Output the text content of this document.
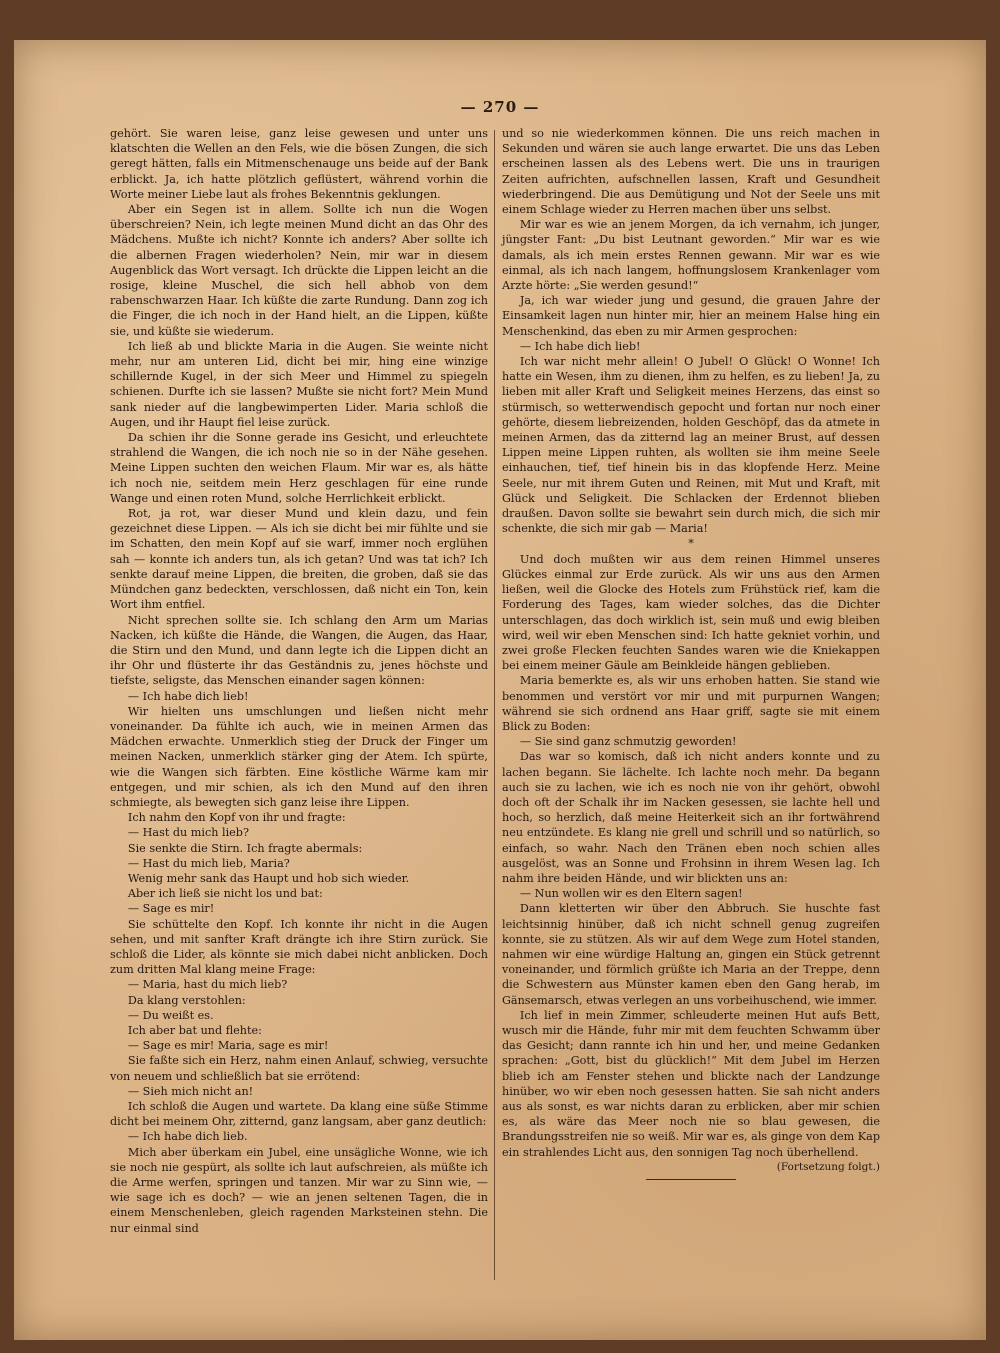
— 270 —

gehört. Sie waren leise, ganz leise gewesen und unter uns klatschten die Wellen an den Fels, wie die bösen Zungen, die sich geregt hätten, falls ein Mitmenschenauge uns beide auf der Bank erblickt. Ja, ich hatte plötzlich geflüstert, während vorhin die Worte meiner Liebe laut als frohes Bekenntnis geklungen.

Aber ein Segen ist in allem. Sollte ich nun die Wogen überschreien? Nein, ich legte meinen Mund dicht an das Ohr des Mädchens. Mußte ich nicht? Konnte ich anders? Aber sollte ich die albernen Fragen wiederholen? Nein, mir war in diesem Augenblick das Wort versagt. Ich drückte die Lippen leicht an die rosige, kleine Muschel, die sich hell abhob von dem rabenschwarzen Haar. Ich küßte die zarte Rundung. Dann zog ich die Finger, die ich noch in der Hand hielt, an die Lippen, küßte sie, und küßte sie wiederum.

Ich ließ ab und blickte Maria in die Augen. Sie weinte nicht mehr, nur am unteren Lid, dicht bei mir, hing eine winzige schillernde Kugel, in der sich Meer und Himmel zu spiegeln schienen. Durfte ich sie lassen? Mußte sie nicht fort? Mein Mund sank nieder auf die langbewimperten Lider. Maria schloß die Augen, und ihr Haupt fiel leise zurück.

Da schien ihr die Sonne gerade ins Gesicht, und erleuchtete strahlend die Wangen, die ich noch nie so in der Nähe gesehen. Meine Lippen suchten den weichen Flaum. Mir war es, als hätte ich noch nie, seitdem mein Herz geschlagen für eine runde Wange und einen roten Mund, solche Herrlichkeit erblickt.

Rot, ja rot, war dieser Mund und klein dazu, und fein gezeichnet diese Lippen. — Als ich sie dicht bei mir fühlte und sie im Schatten, den mein Kopf auf sie warf, immer noch erglühen sah — konnte ich anders tun, als ich getan? Und was tat ich? Ich senkte darauf meine Lippen, die breiten, die groben, daß sie das Mündchen ganz bedeckten, verschlossen, daß nicht ein Ton, kein Wort ihm entfiel.

Nicht sprechen sollte sie. Ich schlang den Arm um Marias Nacken, ich küßte die Hände, die Wangen, die Augen, das Haar, die Stirn und den Mund, und dann legte ich die Lippen dicht an ihr Ohr und flüsterte ihr das Geständnis zu, jenes höchste und tiefste, seligste, das Menschen einander sagen können:

— Ich habe dich lieb!

Wir hielten uns umschlungen und ließen nicht mehr voneinander. Da fühlte ich auch, wie in meinen Armen das Mädchen erwachte. Unmerklich stieg der Druck der Finger um meinen Nacken, unmerklich stärker ging der Atem. Ich spürte, wie die Wangen sich färbten. Eine köstliche Wärme kam mir entgegen, und mir schien, als ich den Mund auf den ihren schmiegte, als bewegten sich ganz leise ihre Lippen.

Ich nahm den Kopf von ihr und fragte:

— Hast du mich lieb?

Sie senkte die Stirn. Ich fragte abermals:

— Hast du mich lieb, Maria?

Wenig mehr sank das Haupt und hob sich wieder.

Aber ich ließ sie nicht los und bat:

— Sage es mir!

Sie schüttelte den Kopf. Ich konnte ihr nicht in die Augen sehen, und mit sanfter Kraft drängte ich ihre Stirn zurück. Sie schloß die Lider, als könnte sie mich dabei nicht anblicken. Doch zum dritten Mal klang meine Frage:

— Maria, hast du mich lieb?

Da klang verstohlen:

— Du weißt es.

Ich aber bat und flehte:

— Sage es mir! Maria, sage es mir!

Sie faßte sich ein Herz, nahm einen Anlauf, schwieg, versuchte von neuem und schließlich bat sie errötend:

— Sieh mich nicht an!

Ich schloß die Augen und wartete. Da klang eine süße Stimme dicht bei meinem Ohr, zitternd, ganz langsam, aber ganz deutlich:

— Ich habe dich lieb.

Mich aber überkam ein Jubel, eine unsägliche Wonne, wie ich sie noch nie gespürt, als sollte ich laut aufschreien, als müßte ich die Arme werfen, springen und tanzen. Mir war zu Sinn wie, — wie sage ich es doch? — wie an jenen seltenen Tagen, die in einem Menschenleben, gleich ragenden Marksteinen stehn. Die nur einmal sind

und so nie wiederkommen können. Die uns reich machen in Sekunden und wären sie auch lange erwartet. Die uns das Leben erscheinen lassen als des Lebens wert. Die uns in traurigen Zeiten aufrichten, aufschnellen lassen, Kraft und Gesundheit wiederbringend. Die aus Demütigung und Not der Seele uns mit einem Schlage wieder zu Herren machen über uns selbst.

Mir war es wie an jenem Morgen, da ich vernahm, ich junger, jüngster Fant: „Du bist Leutnant geworden.“ Mir war es wie damals, als ich mein erstes Rennen gewann. Mir war es wie einmal, als ich nach langem, hoffnungslosem Krankenlager vom Arzte hörte: „Sie werden gesund!“

Ja, ich war wieder jung und gesund, die grauen Jahre der Einsamkeit lagen nun hinter mir, hier an meinem Halse hing ein Menschenkind, das eben zu mir Armen gesprochen:

— Ich habe dich lieb!

Ich war nicht mehr allein! O Jubel! O Glück! O Wonne! Ich hatte ein Wesen, ihm zu dienen, ihm zu helfen, es zu lieben! Ja, zu lieben mit aller Kraft und Seligkeit meines Herzens, das einst so stürmisch, so wetterwendisch gepocht und fortan nur noch einer gehörte, diesem liebreizenden, holden Geschöpf, das da atmete in meinen Armen, das da zitternd lag an meiner Brust, auf dessen Lippen meine Lippen ruhten, als wollten sie ihm meine Seele einhauchen, tief, tief hinein bis in das klopfende Herz. Meine Seele, nur mit ihrem Guten und Reinen, mit Mut und Kraft, mit Glück und Seligkeit. Die Schlacken der Erdennot blieben draußen. Davon sollte sie bewahrt sein durch mich, die sich mir schenkte, die sich mir gab — Maria!

*

Und doch mußten wir aus dem reinen Himmel unseres Glückes einmal zur Erde zurück. Als wir uns aus den Armen ließen, weil die Glocke des Hotels zum Frühstück rief, kam die Forderung des Tages, kam wieder solches, das die Dichter unterschlagen, das doch wirklich ist, sein muß und ewig bleiben wird, weil wir eben Menschen sind: Ich hatte gekniet vorhin, und zwei große Flecken feuchten Sandes waren wie die Kniekappen bei einem meiner Gäule am Beinkleide hängen geblieben.

Maria bemerkte es, als wir uns erhoben hatten. Sie stand wie benommen und verstört vor mir und mit purpurnen Wangen; während sie sich ordnend ans Haar griff, sagte sie mit einem Blick zu Boden:

— Sie sind ganz schmutzig geworden!

Das war so komisch, daß ich nicht anders konnte und zu lachen begann. Sie lächelte. Ich lachte noch mehr. Da begann auch sie zu lachen, wie ich es noch nie von ihr gehört, obwohl doch oft der Schalk ihr im Nacken gesessen, sie lachte hell und hoch, so herzlich, daß meine Heiterkeit sich an ihr fortwährend neu entzündete. Es klang nie grell und schrill und so natürlich, so einfach, so wahr. Nach den Tränen eben noch schien alles ausgelöst, was an Sonne und Frohsinn in ihrem Wesen lag. Ich nahm ihre beiden Hände, und wir blickten uns an:

— Nun wollen wir es den Eltern sagen!

Dann kletterten wir über den Abbruch. Sie huschte fast leichtsinnig hinüber, daß ich nicht schnell genug zugreifen konnte, sie zu stützen. Als wir auf dem Wege zum Hotel standen, nahmen wir eine würdige Haltung an, gingen ein Stück getrennt voneinander, und förmlich grüßte ich Maria an der Treppe, denn die Schwestern aus Münster kamen eben den Gang herab, im Gänsemarsch, etwas verlegen an uns vorbeihuschend, wie immer.

Ich lief in mein Zimmer, schleuderte meinen Hut aufs Bett, wusch mir die Hände, fuhr mir mit dem feuchten Schwamm über das Gesicht; dann rannte ich hin und her, und meine Gedanken sprachen: „Gott, bist du glücklich!“ Mit dem Jubel im Herzen blieb ich am Fenster stehen und blickte nach der Landzunge hinüber, wo wir eben noch gesessen hatten. Sie sah nicht anders aus als sonst, es war nichts daran zu erblicken, aber mir schien es, als wäre das Meer noch nie so blau gewesen, die Brandungsstreifen nie so weiß. Mir war es, als ginge von dem Kap ein strahlendes Licht aus, den sonnigen Tag noch überhellend.

(Fortsetzung folgt.)
